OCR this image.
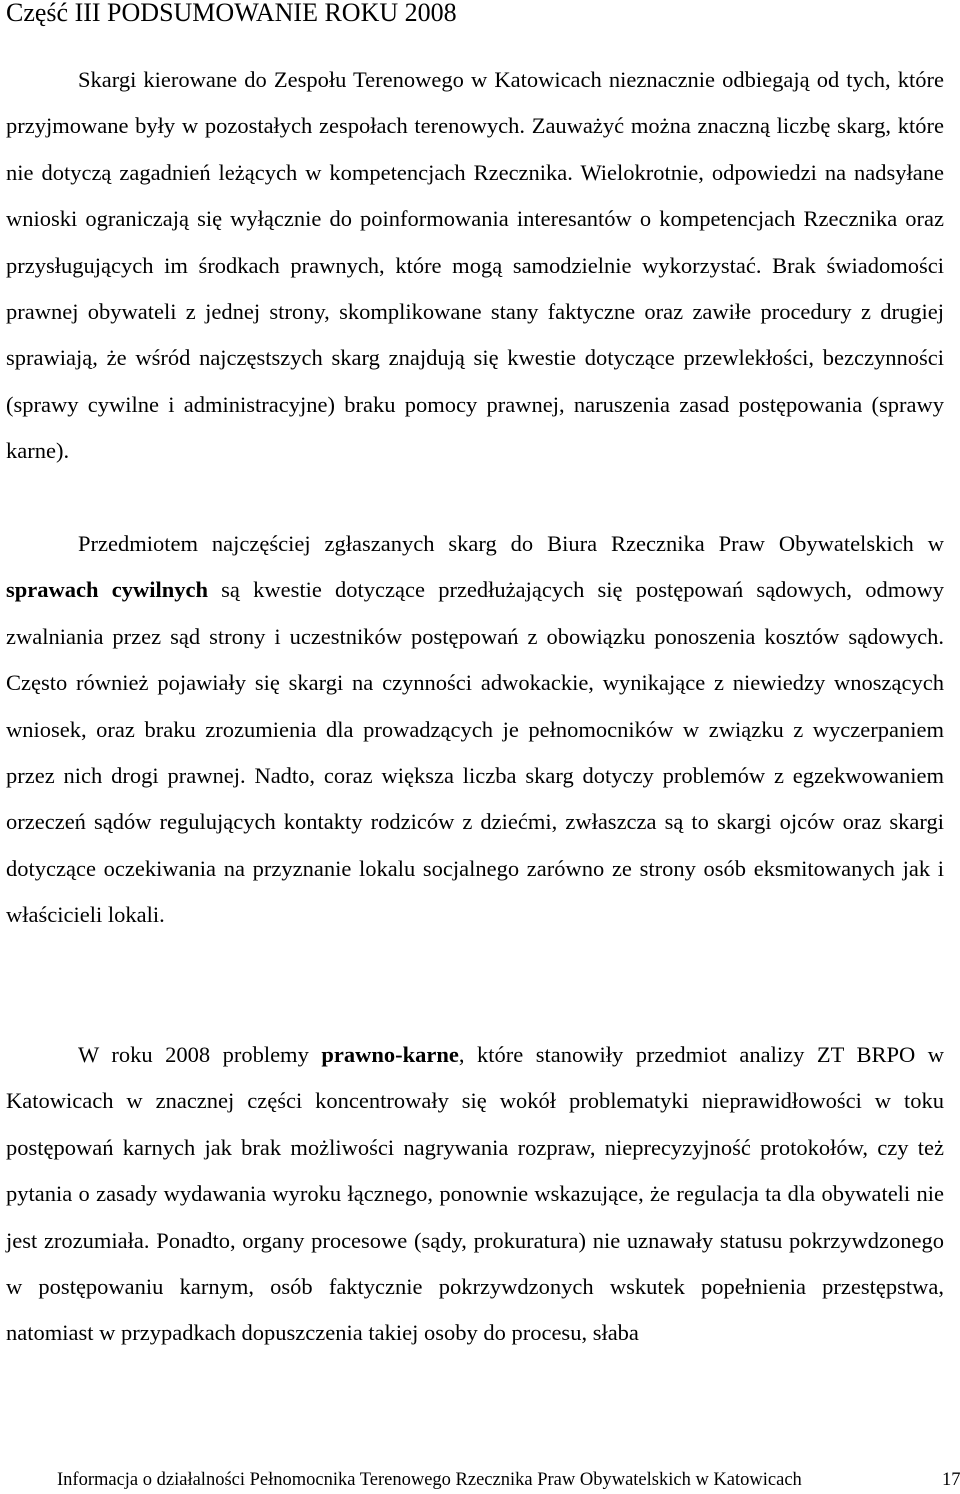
Część III PODSUMOWANIE ROKU 2008

Skargi kierowane do Zespołu Terenowego w Katowicach nieznacznie odbiegają od tych, które przyjmowane były w pozostałych zespołach terenowych. Zauważyć można znaczną liczbę skarg, które nie dotyczą zagadnień leżących w kompetencjach Rzecznika. Wielokrotnie, odpowiedzi na nadsyłane wnioski ograniczają się wyłącznie do poinformowania interesantów o kompetencjach Rzecznika oraz przysługujących im środkach prawnych, które mogą samodzielnie wykorzystać. Brak świadomości prawnej obywateli z jednej strony, skomplikowane stany faktyczne oraz zawiłe procedury z drugiej sprawiają, że wśród najczęstszych skarg znajdują się kwestie dotyczące przewlekłości, bezczynności (sprawy cywilne i administracyjne) braku pomocy prawnej, naruszenia zasad postępowania (sprawy karne).

Przedmiotem najczęściej zgłaszanych skarg do Biura Rzecznika Praw Obywatelskich w sprawach cywilnych są kwestie dotyczące przedłużających się postępowań sądowych, odmowy zwalniania przez sąd strony i uczestników postępowań z obowiązku ponoszenia kosztów sądowych. Często również pojawiały się skargi na czynności adwokackie, wynikające z niewiedzy wnoszących wniosek, oraz braku zrozumienia dla prowadzących je pełnomocników w związku z wyczerpaniem przez nich drogi prawnej. Nadto, coraz większa liczba skarg dotyczy problemów z egzekwowaniem orzeczeń sądów regulujących kontakty rodziców z dziećmi, zwłaszcza są to skargi ojców oraz skargi dotyczące oczekiwania na przyznanie lokalu socjalnego zarówno ze strony osób eksmitowanych jak i właścicieli lokali.

W roku 2008 problemy prawno-karne, które stanowiły przedmiot analizy ZT BRPO w Katowicach w znacznej części koncentrowały się wokół problematyki nieprawidłowości w toku postępowań karnych jak brak możliwości nagrywania rozpraw, nieprecyzyjność protokołów, czy też pytania o zasady wydawania wyroku łącznego, ponownie wskazujące, że regulacja ta dla obywateli nie jest zrozumiała. Ponadto, organy procesowe (sądy, prokuratura) nie uznawały statusu pokrzywdzonego w postępowaniu karnym, osób faktycznie pokrzywdzonych wskutek popełnienia przestępstwa, natomiast w przypadkach dopuszczenia takiej osoby do procesu, słaba

Informacja o działalności Pełnomocnika Terenowego Rzecznika Praw Obywatelskich w Katowicach	17
